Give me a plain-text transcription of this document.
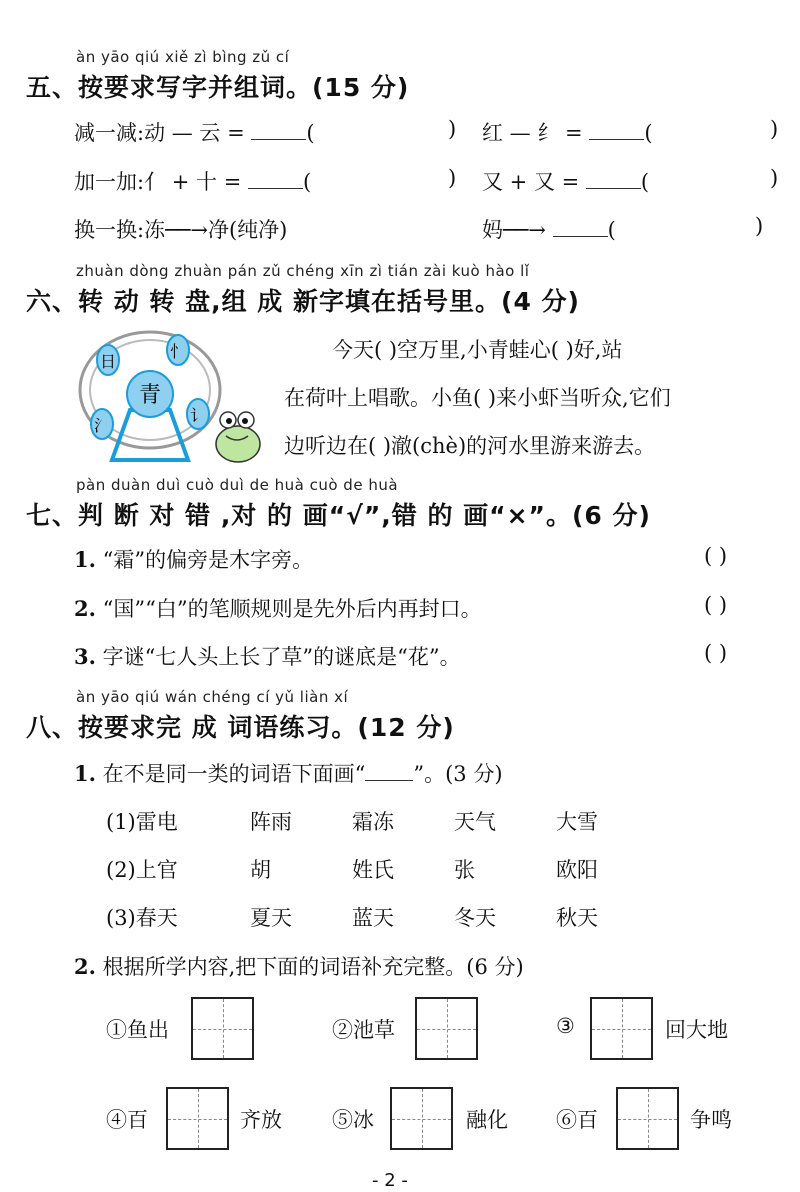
àn yāo qiú xiě zì bìng zǔ cí
五、按要求写字并组词。(15 分)
减一减:动 — 云 =	(	) 红 — 纟 =	(	)
加一加:亻 + 十 =	(	) 又 + 又 =	(	)
换一换:冻──→净(纯净)	妈──→	(	)
zhuàn dòng zhuàn pán zǔ chéng xīn zì tián zài kuò hào lǐ
六、转 动 转 盘,组 成 新字填在括号里。(4 分)
青
日
忄
氵
讠
今天( )空万里,小青蛙心( )好,站
在荷叶上唱歌。小鱼( )来小虾当听众,它们
边听边在( )澈(chè)的河水里游来游去。
pàn duàn duì cuò duì de huà cuò de huà
七、判 断 对 错 ,对 的 画“√”,错 的 画“×”。(6 分)
1. “霜”的偏旁是木字旁。	( )
2. “国”“白”的笔顺规则是先外后内再封口。	( )
3. 字谜“七人头上长了草”的谜底是“花”。	( )
àn yāo qiú wán chéng cí yǔ liàn xí
八、按要求完 成 词语练习。(12 分)
1. 在不是同一类的词语下面画“ ”。(3 分)
(1)雷电	阵雨	霜冻	天气	大雪
(2)上官	胡	姓氏	张	欧阳
(3)春天	夏天	蓝天	冬天	秋天
2. 根据所学内容,把下面的词语补充完整。(6 分)
①鱼出	②池草	③	回大地
④百	齐放 ⑤冰	融化 ⑥百	争鸣
- 2 -
